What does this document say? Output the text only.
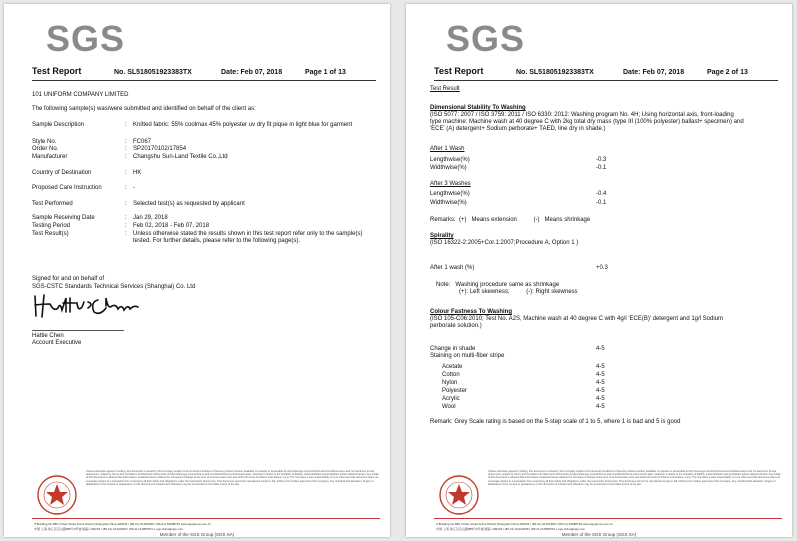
SGS
Test Report	No. SL518051923383TX	Date: Feb 07, 2018	Page 1 of 13
101 UNIFORM COMPANY LIMITED
The following sample(s) was/were submitted and identified on behalf of the client as:
Sample Description	: Knitted fabric: 55% coolmax 45% polyester uv dry fit pique in light blue for garment
Style No.	: FC067
Order No.	: SP20170102/17854
Manufacturer	: Changshu Sun-Land Textile Co.,Ltd
Country of Destination	: HK
Proposed Care Instruction	: -
Test Performed	: Selected test(s) as requested by applicant
Sample Receiving Date	: Jan 29, 2018
Testing Period	: Feb 02, 2018 - Feb 07, 2018
Test Result(s)	: Unless otherwise stated the results shown in this test report refer only to the sample(s) tested. For further details, please refer to the following page(s).
Signed for and on behalf of
SGS-CSTC Standards Technical Services (Shanghai) Co. Ltd
Hattie Chen
Account Executive
Unless otherwise agreed in writing, this document is issued by the Company subject to its General Conditions of Service printed overleaf, available on request or accessible at http://www.sgs.com/en/Terms-and-Conditions.aspx and, for electronic format documents, subject to Terms and Conditions for Electronic Documents at http://www.sgs.com/en/Terms-and-Conditions/Terms-e-Document.aspx. Attention is drawn to the limitation of liability, indemnification and jurisdiction issues defined therein. Any holder of this document is advised that information contained hereon reflects the Company's findings at the time of its intervention only and within the limits of Client's instructions, if any. The Company's sole responsibility is to its Client and this document does not exonerate parties to a transaction from exercising all their rights and obligations under the transaction documents. This document cannot be reproduced except in full, without prior written approval of the Company. Any unauthorized alteration, forgery or falsification of the content or appearance of this document is unlawful and offenders may be prosecuted to the fullest extent of the law.
3″Building,No.889,Yishan Road,Xuhui District,Shanghai,China 200233 t (86-21) 61402666 f (86-21) 64958763 www.sgsgroup.com.cn
中国·上海·徐汇区宜山路889号3号楼 邮编: 200233 t (86-21) 61402666 f (86-21) 64958763 e sgs.china@sgs.com
Member of the SGS Group (SGS SA)
SGS
Test Report	No. SL518051923383TX	Date: Feb 07, 2018	Page 2 of 13
Test Result
Dimensional Stability To Washing
(ISO 5077: 2007 / ISO 3759: 2011 / ISO 6330: 2012: Washing program No. 4H; Using horizontal axis, front-loading type machine: Machine wash at 40 degree C with 2kg total dry mass (type III (100% polyester) ballast+ specimen) and 'ECE' (A) detergent+ Sodium perborate+ TAED, line dry in shade.)
After 1 Wash
Lengthwise(%)	-0.3
Widthwise(%)	-0.1
After 3 Washes
Lengthwise(%)	-0.4
Widthwise(%)	-0.1
Remarks:  (+)   Means extension          (-)   Means shrinkage
Spirality
(ISO 16322-2:2005+Cor.1:2007;Procedure A, Option 1 )
After 1 wash (%)	+0.3
Note:   Washing procedure same as shrinkage
(+): Left skewness;          (-): Right skewness
Colour Fastness To Washing
(ISO 105-C06:2010; Test No. A2S, Machine wash at 40 degree C with 4g/l 'ECE(B)' detergent and 1g/l Sodium perborate solution.)
Change in shade	4-5
Staining on multi-fiber stripe
Acetate	4-5
Cotton	4-5
Nylon	4-5
Polyester	4-5
Acrylic	4-5
Wool	4-5
Remark: Grey Scale rating is based on the 5-step scale of 1 to 5, where 1 is bad and 5 is good
Unless otherwise agreed in writing, this document is issued by the Company subject to its General Conditions of Service printed overleaf, available on request or accessible at http://www.sgs.com/en/Terms-and-Conditions.aspx and, for electronic format documents, subject to Terms and Conditions for Electronic Documents at http://www.sgs.com/en/Terms-and-Conditions/Terms-e-Document.aspx. Attention is drawn to the limitation of liability, indemnification and jurisdiction issues defined therein. Any holder of this document is advised that information contained hereon reflects the Company's findings at the time of its intervention only and within the limits of Client's instructions, if any. The Company's sole responsibility is to its Client and this document does not exonerate parties to a transaction from exercising all their rights and obligations under the transaction documents. This document cannot be reproduced except in full, without prior written approval of the Company. Any unauthorized alteration, forgery or falsification of the content or appearance of this document is unlawful and offenders may be prosecuted to the fullest extent of the law.
3″Building,No.889,Yishan Road,Xuhui District,Shanghai,China 200233 t (86-21) 61402666 f (86-21) 64958763 www.sgsgroup.com.cn
中国·上海·徐汇区宜山路889号3号楼 邮编: 200233 t (86-21) 61402666 f (86-21) 64958763 e sgs.china@sgs.com
Member of the SGS Group (SGS SA)
